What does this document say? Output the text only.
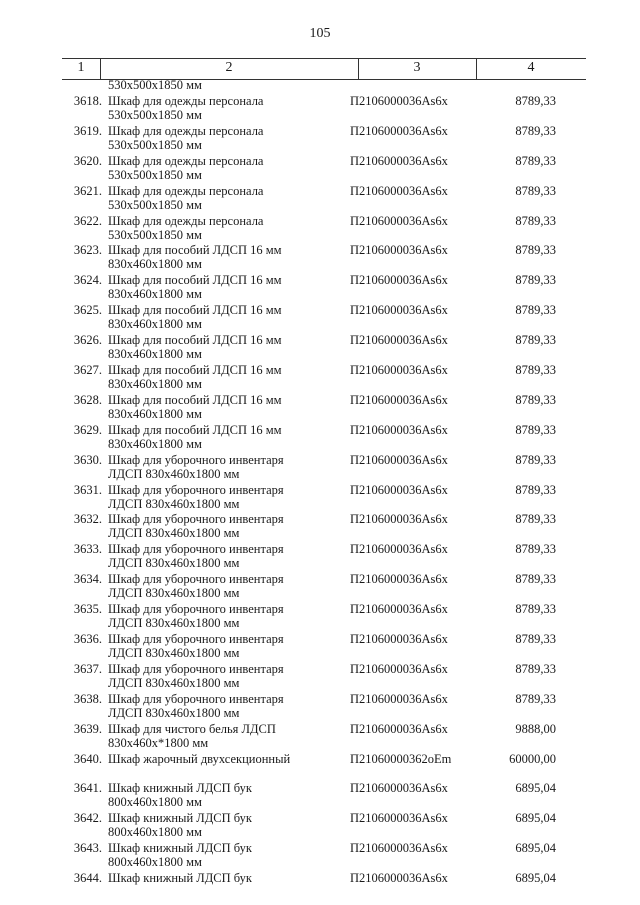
105
1	2	3	4
530x500x1850 мм
3618. Шкаф для одежды персонала	П2106000036Аs6x	8789,33
530x500x1850 мм
3619. Шкаф для одежды персонала	П2106000036Аs6x	8789,33
530x500x1850 мм
3620. Шкаф для одежды персонала	П2106000036Аs6x	8789,33
530x500x1850 мм
3621. Шкаф для одежды персонала	П2106000036Аs6x	8789,33
530x500x1850 мм
3622. Шкаф для одежды персонала	П2106000036Аs6x	8789,33
530x500x1850 мм
3623. Шкаф для пособий ЛДСП 16 мм	П2106000036Аs6x	8789,33
830x460x1800 мм
3624. Шкаф для пособий ЛДСП 16 мм	П2106000036Аs6x	8789,33
830x460x1800 мм
3625. Шкаф для пособий ЛДСП 16 мм	П2106000036Аs6x	8789,33
830x460x1800 мм
3626. Шкаф для пособий ЛДСП 16 мм	П2106000036Аs6x	8789,33
830x460x1800 мм
3627. Шкаф для пособий ЛДСП 16 мм	П2106000036Аs6x	8789,33
830x460x1800 мм
3628. Шкаф для пособий ЛДСП 16 мм	П2106000036Аs6x	8789,33
830x460x1800 мм
3629. Шкаф для пособий ЛДСП 16 мм	П2106000036Аs6x	8789,33
830x460x1800 мм
3630. Шкаф для уборочного инвентаря	П2106000036Аs6x	8789,33
ЛДСП 830x460x1800 мм
3631. Шкаф для уборочного инвентаря	П2106000036Аs6x	8789,33
ЛДСП 830x460x1800 мм
3632. Шкаф для уборочного инвентаря	П2106000036Аs6x	8789,33
ЛДСП 830x460x1800 мм
3633. Шкаф для уборочного инвентаря	П2106000036Аs6x	8789,33
ЛДСП 830x460x1800 мм
3634. Шкаф для уборочного инвентаря	П2106000036Аs6x	8789,33
ЛДСП 830x460x1800 мм
3635. Шкаф для уборочного инвентаря	П2106000036Аs6x	8789,33
ЛДСП 830x460x1800 мм
3636. Шкаф для уборочного инвентаря	П2106000036Аs6x	8789,33
ЛДСП 830x460x1800 мм
3637. Шкаф для уборочного инвентаря	П2106000036Аs6x	8789,33
ЛДСП 830x460x1800 мм
3638. Шкаф для уборочного инвентаря	П2106000036Аs6x	8789,33
ЛДСП 830x460x1800 мм
3639. Шкаф для чистого белья ЛДСП	П2106000036Аs6x	9888,00
830x460x*1800 мм
3640. Шкаф жарочный двухсекционный	П21060000362oEm	60000,00
3641. Шкаф книжный ЛДСП бук	П2106000036Аs6x	6895,04
800x460x1800 мм
3642. Шкаф книжный ЛДСП бук	П2106000036Аs6x	6895,04
800x460x1800 мм
3643. Шкаф книжный ЛДСП бук	П2106000036Аs6x	6895,04
800x460x1800 мм
3644. Шкаф книжный ЛДСП бук	П2106000036Аs6x	6895,04
